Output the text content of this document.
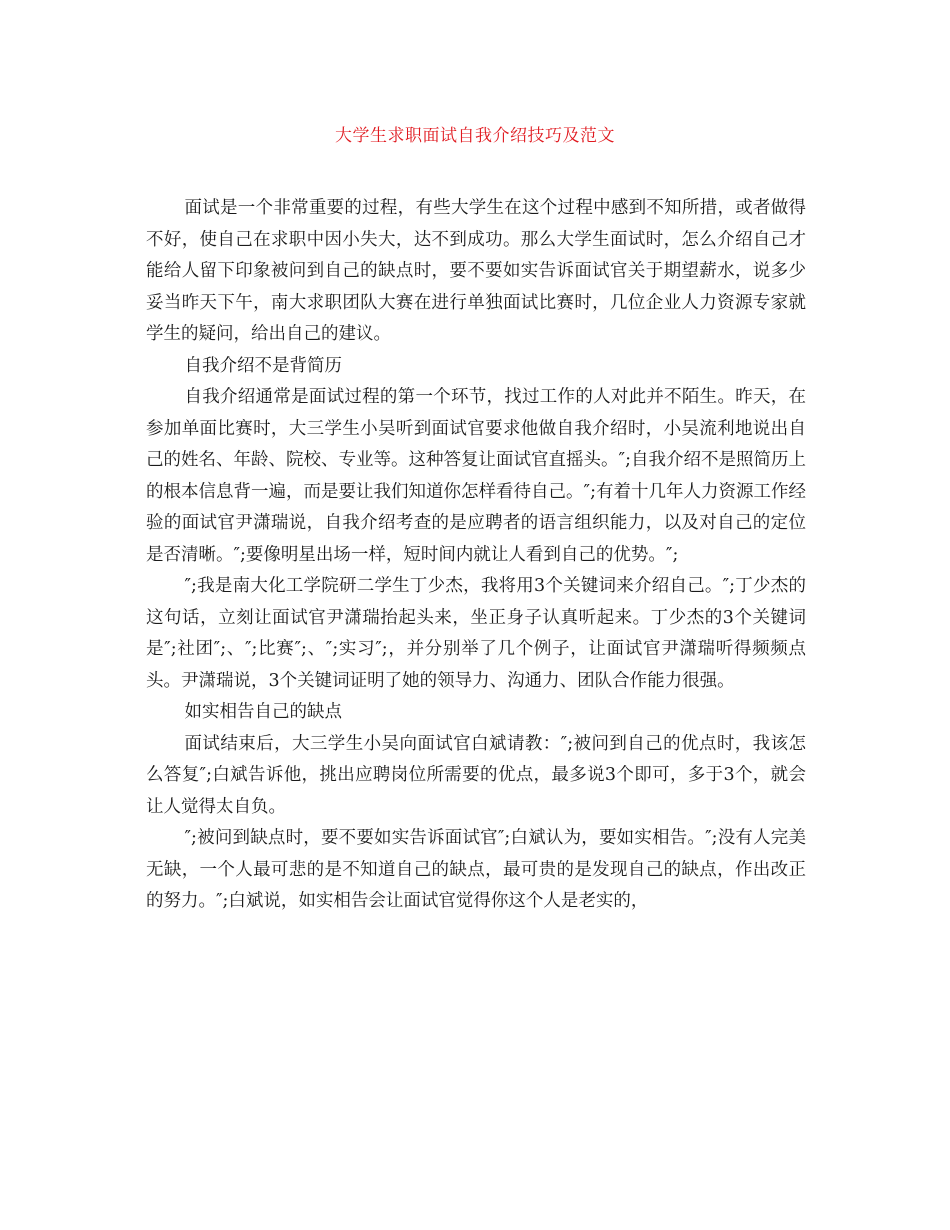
大学生求职面试自我介绍技巧及范文

面试是一个非常重要的过程，有些大学生在这个过程中感到不知所措，或者做得不好，使自己在求职中因小失大，达不到成功。那么大学生面试时，怎么介绍自己才能给人留下印象被问到自己的缺点时，要不要如实告诉面试官关于期望薪水，说多少妥当昨天下午，南大求职团队大赛在进行单独面试比赛时，几位企业人力资源专家就学生的疑问，给出自己的建议。

自我介绍不是背简历

自我介绍通常是面试过程的第一个环节，找过工作的人对此并不陌生。昨天，在参加单面比赛时，大三学生小吴听到面试官要求他做自我介绍时，小吴流利地说出自己的姓名、年龄、院校、专业等。这种答复让面试官直摇头。″;自我介绍不是照简历上的根本信息背一遍，而是要让我们知道你怎样看待自己。″;有着十几年人力资源工作经验的面试官尹潇瑞说，自我介绍考查的是应聘者的语言组织能力，以及对自己的定位是否清晰。″;要像明星出场一样，短时间内就让人看到自己的优势。″;

″;我是南大化工学院研二学生丁少杰，我将用3个关键词来介绍自己。″;丁少杰的这句话，立刻让面试官尹潇瑞抬起头来，坐正身子认真听起来。丁少杰的3个关键词是″;社团″;、″;比赛″;、″;实习″;，并分别举了几个例子，让面试官尹潇瑞听得频频点头。尹潇瑞说，3个关键词证明了她的领导力、沟通力、团队合作能力很强。

如实相告自己的缺点

面试结束后，大三学生小吴向面试官白斌请教：″;被问到自己的优点时，我该怎么答复″;白斌告诉他，挑出应聘岗位所需要的优点，最多说3个即可，多于3个，就会让人觉得太自负。

″;被问到缺点时，要不要如实告诉面试官″;白斌认为，要如实相告。″;没有人完美无缺，一个人最可悲的是不知道自己的缺点，最可贵的是发现自己的缺点，作出改正的努力。″;白斌说，如实相告会让面试官觉得你这个人是老实的，
